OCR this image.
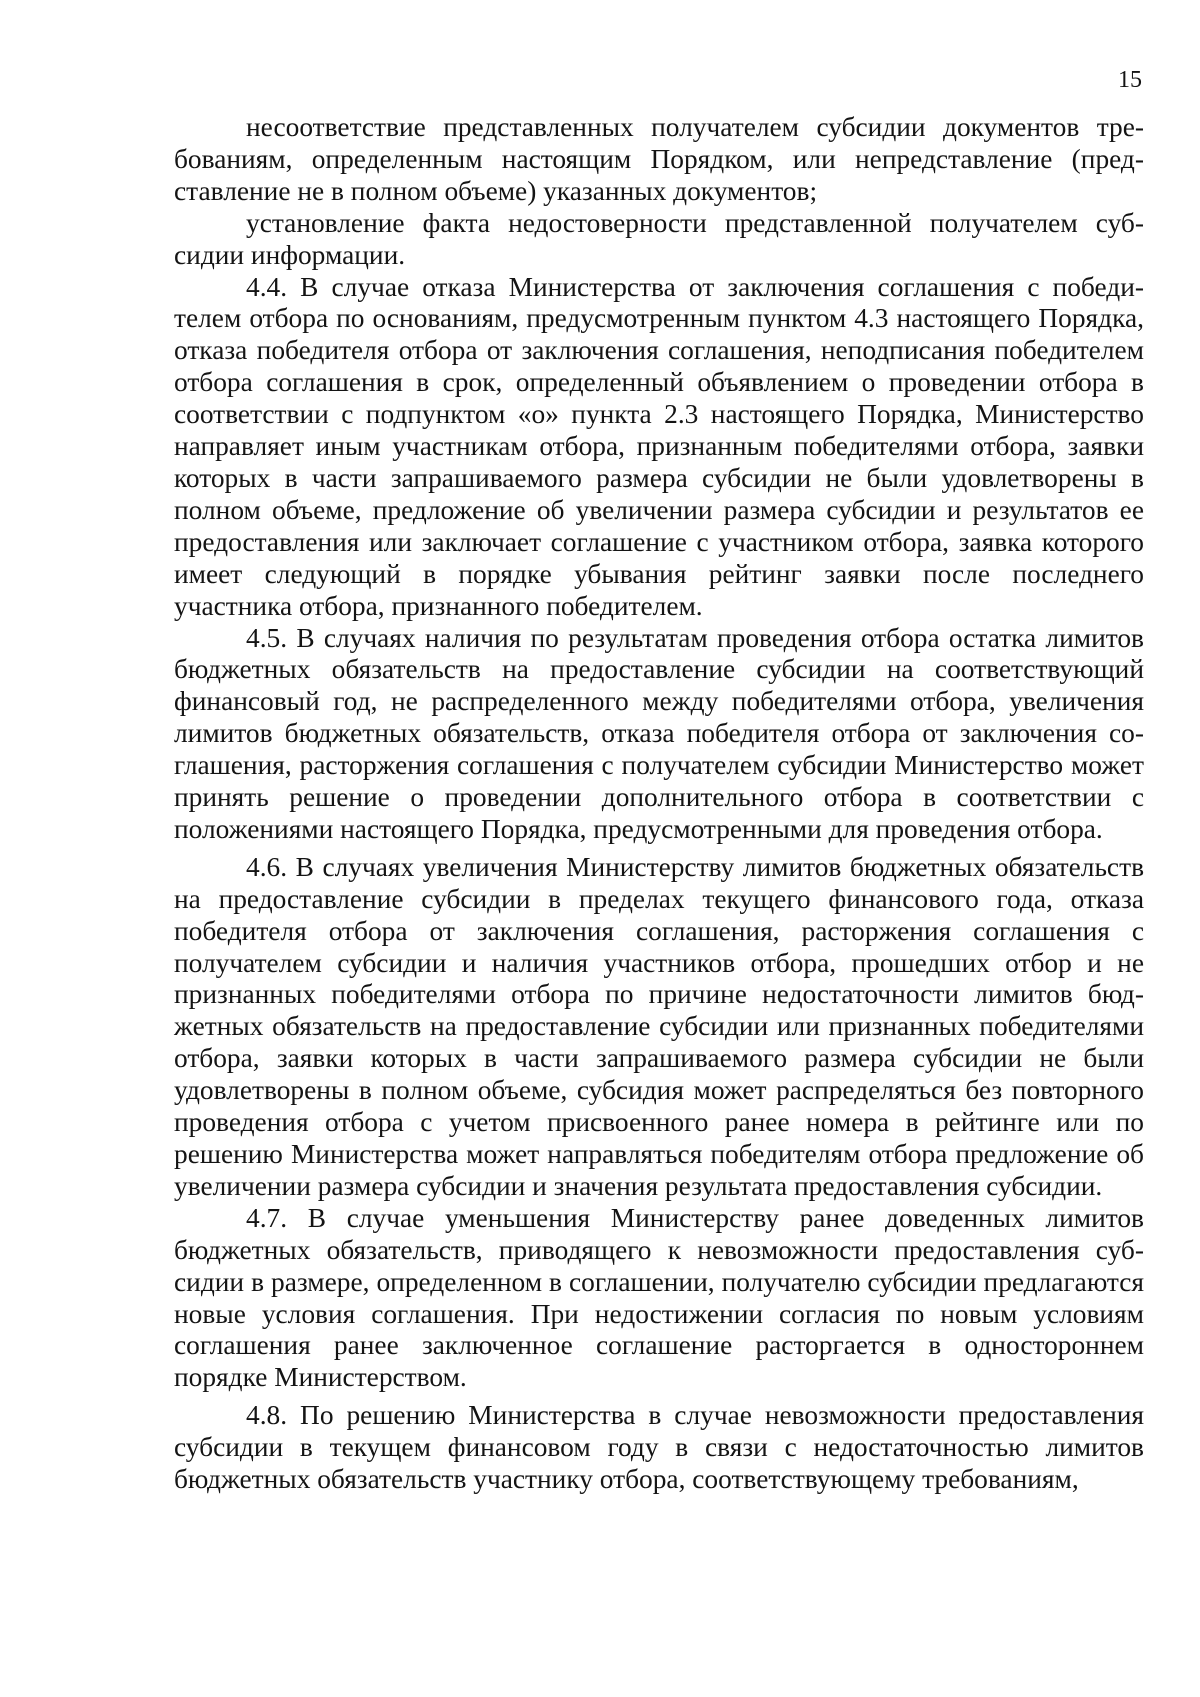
15

несоответствие представленных получателем субсидии документов требованиям, определенным настоящим Порядком, или непредставление (представление не в полном объеме) указанных документов;

установление факта недостоверности представленной получателем субсидии информации.

4.4. В случае отказа Министерства от заключения соглашения с победителем отбора по основаниям, предусмотренным пунктом 4.3 настоящего Порядка, отказа победителя отбора от заключения соглашения, неподписания победителем отбора соглашения в срок, определенный объявлением о проведении отбора в соответствии с подпунктом «о» пункта 2.3 настоящего Порядка, Министерство направляет иным участникам отбора, признанным победителями отбора, заявки которых в части запрашиваемого размера субсидии не были удовлетворены в полном объеме, предложение об увеличении размера субсидии и результатов ее предоставления или заключает соглашение с участником отбора, заявка которого имеет следующий в порядке убывания рейтинг заявки после последнего участника отбора, признанного победителем.

4.5. В случаях наличия по результатам проведения отбора остатка лимитов бюджетных обязательств на предоставление субсидии на соответствующий финансовый год, не распределенного между победителями отбора, увеличения лимитов бюджетных обязательств, отказа победителя отбора от заключения соглашения, расторжения соглашения с получателем субсидии Министерство может принять решение о проведении дополнительного отбора в соответствии с положениями настоящего Порядка, предусмотренными для проведения отбора.

4.6. В случаях увеличения Министерству лимитов бюджетных обязательств на предоставление субсидии в пределах текущего финансового года, отказа победителя отбора от заключения соглашения, расторжения соглашения с получателем субсидии и наличия участников отбора, прошедших отбор и не признанных победителями отбора по причине недостаточности лимитов бюджетных обязательств на предоставление субсидии или признанных победителями отбора, заявки которых в части запрашиваемого размера субсидии не были удовлетворены в полном объеме, субсидия может распределяться без повторного проведения отбора с учетом присвоенного ранее номера в рейтинге или по решению Министерства может направляться победителям отбора предложение об увеличении размера субсидии и значения результата предоставления субсидии.

4.7. В случае уменьшения Министерству ранее доведенных лимитов бюджетных обязательств, приводящего к невозможности предоставления субсидии в размере, определенном в соглашении, получателю субсидии предлагаются новые условия соглашения. При недостижении согласия по новым условиям соглашения ранее заключенное соглашение расторгается в одностороннем порядке Министерством.

4.8. По решению Министерства в случае невозможности предоставления субсидии в текущем финансовом году в связи с недостаточностью лимитов бюджетных обязательств участнику отбора, соответствующему требованиям,
